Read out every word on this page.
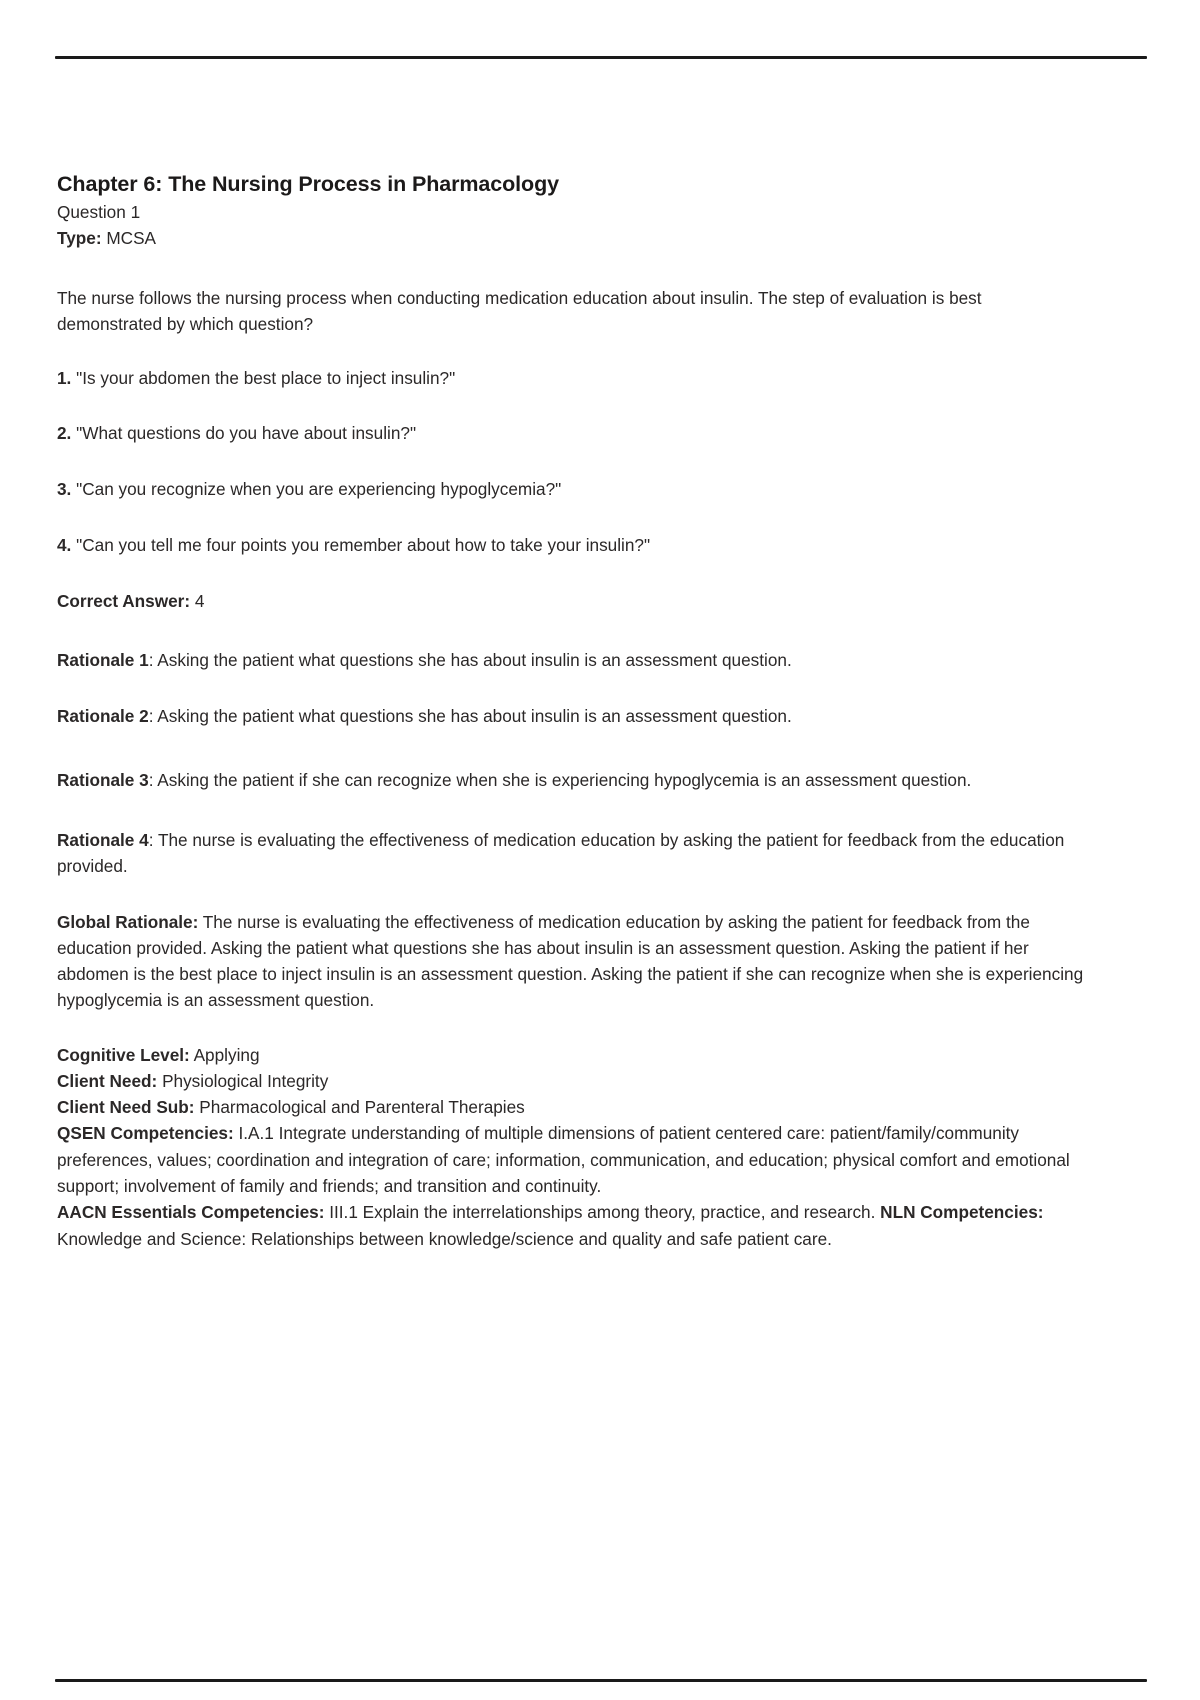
Chapter 6: The Nursing Process in Pharmacology

Question 1

Type: MCSA

The nurse follows the nursing process when conducting medication education about insulin. The step of evaluation is best demonstrated by which question?

1. "Is your abdomen the best place to inject insulin?"

2. "What questions do you have about insulin?"

3. "Can you recognize when you are experiencing hypoglycemia?"

4. "Can you tell me four points you remember about how to take your insulin?"

Correct Answer: 4

Rationale 1: Asking the patient what questions she has about insulin is an assessment question.

Rationale 2: Asking the patient what questions she has about insulin is an assessment question.

Rationale 3: Asking the patient if she can recognize when she is experiencing hypoglycemia is an assessment question.

Rationale 4: The nurse is evaluating the effectiveness of medication education by asking the patient for feedback from the education provided.

Global Rationale: The nurse is evaluating the effectiveness of medication education by asking the patient for feedback from the education provided. Asking the patient what questions she has about insulin is an assessment question. Asking the patient if her abdomen is the best place to inject insulin is an assessment question. Asking the patient if she can recognize when she is experiencing hypoglycemia is an assessment question.

Cognitive Level: Applying

Client Need: Physiological Integrity

Client Need Sub: Pharmacological and Parenteral Therapies

QSEN Competencies: I.A.1 Integrate understanding of multiple dimensions of patient centered care: patient/family/community preferences, values; coordination and integration of care; information, communication, and education; physical comfort and emotional support; involvement of family and friends; and transition and continuity.

AACN Essentials Competencies: III.1 Explain the interrelationships among theory, practice, and research. NLN Competencies: Knowledge and Science: Relationships between knowledge/science and quality and safe patient care.
